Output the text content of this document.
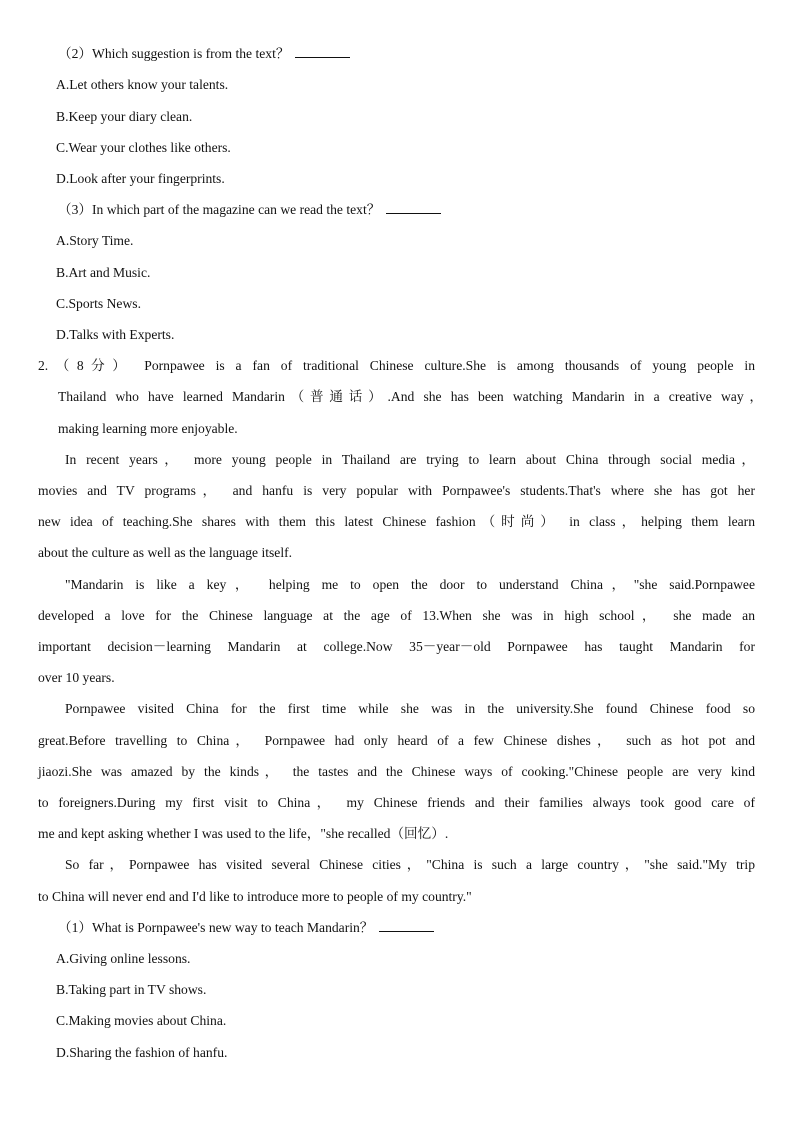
（2）Which suggestion is from the text？
A.Let others know your talents.
B.Keep your diary clean.
C.Wear your clothes like others.
D.Look after your fingerprints.
（3）In which part of the magazine can we read the text？
A.Story Time.
B.Art and Music.
C.Sports News.
D.Talks with Experts.
2.（8分） Pornpawee is a fan of traditional Chinese culture.She is among thousands of young people in
Thailand who have learned Mandarin（普通话）.And she has been watching Mandarin in a creative way，
making learning more enjoyable.
In recent years， more young people in Thailand are trying to learn about China through social media，
movies and TV programs， and hanfu is very popular with Pornpawee's students.That's where she has got her
new idea of teaching.She shares with them this latest Chinese fashion（时尚） in class，helping them learn
about the culture as well as the language itself.
"Mandarin is like a key， helping me to open the door to understand China，"she said.Pornpawee
developed a love for the Chinese language at the age of 13.When she was in high school， she made an
important decision－learning Mandarin at college.Now 35－year－old Pornpawee has taught Mandarin for
over 10 years.
Pornpawee visited China for the first time while she was in the university.She found Chinese food so
great.Before travelling to China， Pornpawee had only heard of a few Chinese dishes， such as hot pot and
jiaozi.She was amazed by the kinds， the tastes and the Chinese ways of cooking."Chinese people are very kind
to foreigners.During my first visit to China， my Chinese friends and their families always took good care of
me and kept asking whether I was used to the life，"she recalled（回忆）.
So far，Pornpawee has visited several Chinese cities，"China is such a large country，"she said."My trip
to China will never end and I'd like to introduce more to people of my country."
（1）What is Pornpawee's new way to teach Mandarin？
A.Giving online lessons.
B.Taking part in TV shows.
C.Making movies about China.
D.Sharing the fashion of hanfu.
